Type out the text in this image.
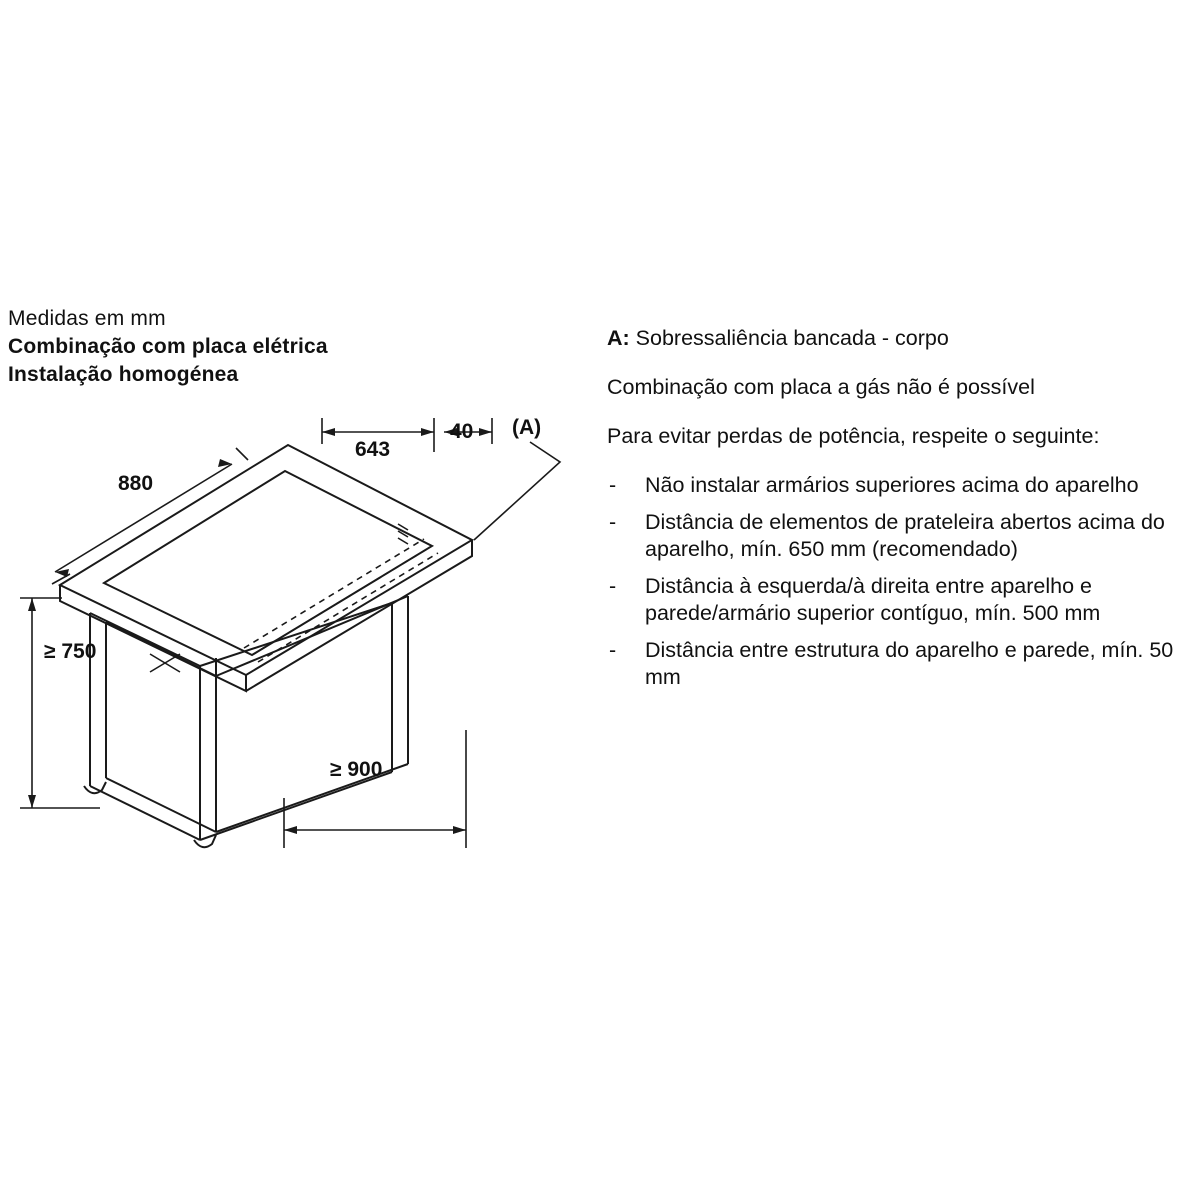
Medidas em mm
Combinação com placa elétrica
Instalação homogénea
880
643
40 (A)
≥ 750
≥ 900
A: Sobressaliência bancada - corpo
Combinação com placa a gás não é possível
Para evitar perdas de potência, respeite o seguinte:
- Não instalar armários superiores acima do aparelho
- Distância de elementos de prateleira abertos acima do aparelho, mín. 650 mm (recomendado)
- Distância à esquerda/à direita entre aparelho e parede/armário superior contíguo, mín. 500 mm
- Distância entre estrutura do aparelho e parede, mín. 50 mm
